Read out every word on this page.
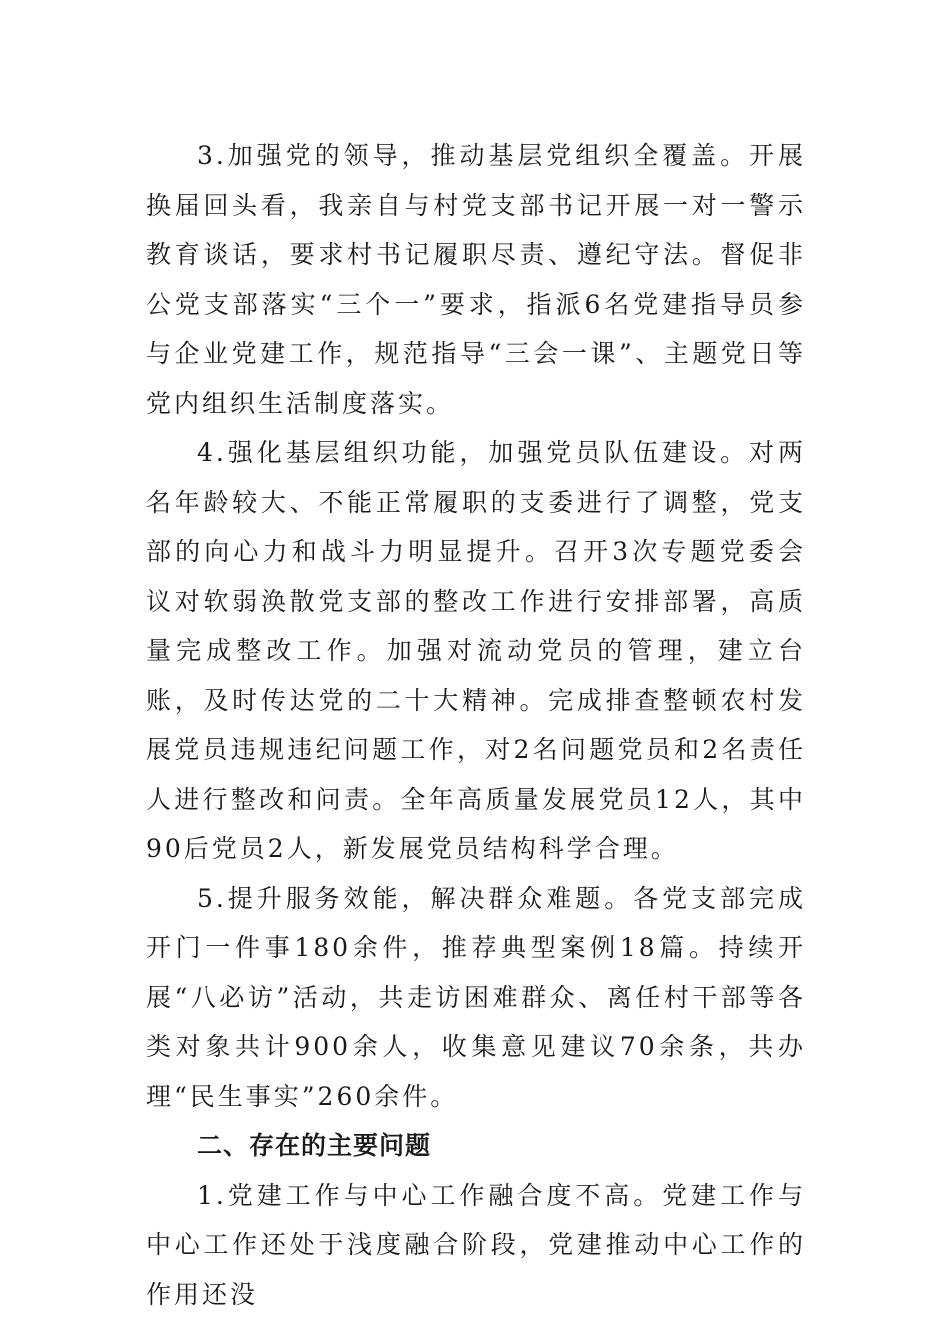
3.加强党的领导，推动基层党组织全覆盖。开展换届回头看，我亲自与村党支部书记开展一对一警示教育谈话，要求村书记履职尽责、遵纪守法。督促非公党支部落实“三个一”要求，指派6名党建指导员参与企业党建工作，规范指导“三会一课”、主题党日等党内组织生活制度落实。

4.强化基层组织功能，加强党员队伍建设。对两名年龄较大、不能正常履职的支委进行了调整，党支部的向心力和战斗力明显提升。召开3次专题党委会议对软弱涣散党支部的整改工作进行安排部署，高质量完成整改工作。加强对流动党员的管理，建立台账，及时传达党的二十大精神。完成排查整顿农村发展党员违规违纪问题工作，对2名问题党员和2名责任人进行整改和问责。全年高质量发展党员12人，其中90后党员2人，新发展党员结构科学合理。

5.提升服务效能，解决群众难题。各党支部完成开门一件事180余件，推荐典型案例18篇。持续开展“八必访”活动，共走访困难群众、离任村干部等各类对象共计900余人，收集意见建议70余条，共办理“民生事实”260余件。

二、存在的主要问题

1.党建工作与中心工作融合度不高。党建工作与中心工作还处于浅度融合阶段，党建推动中心工作的作用还没
